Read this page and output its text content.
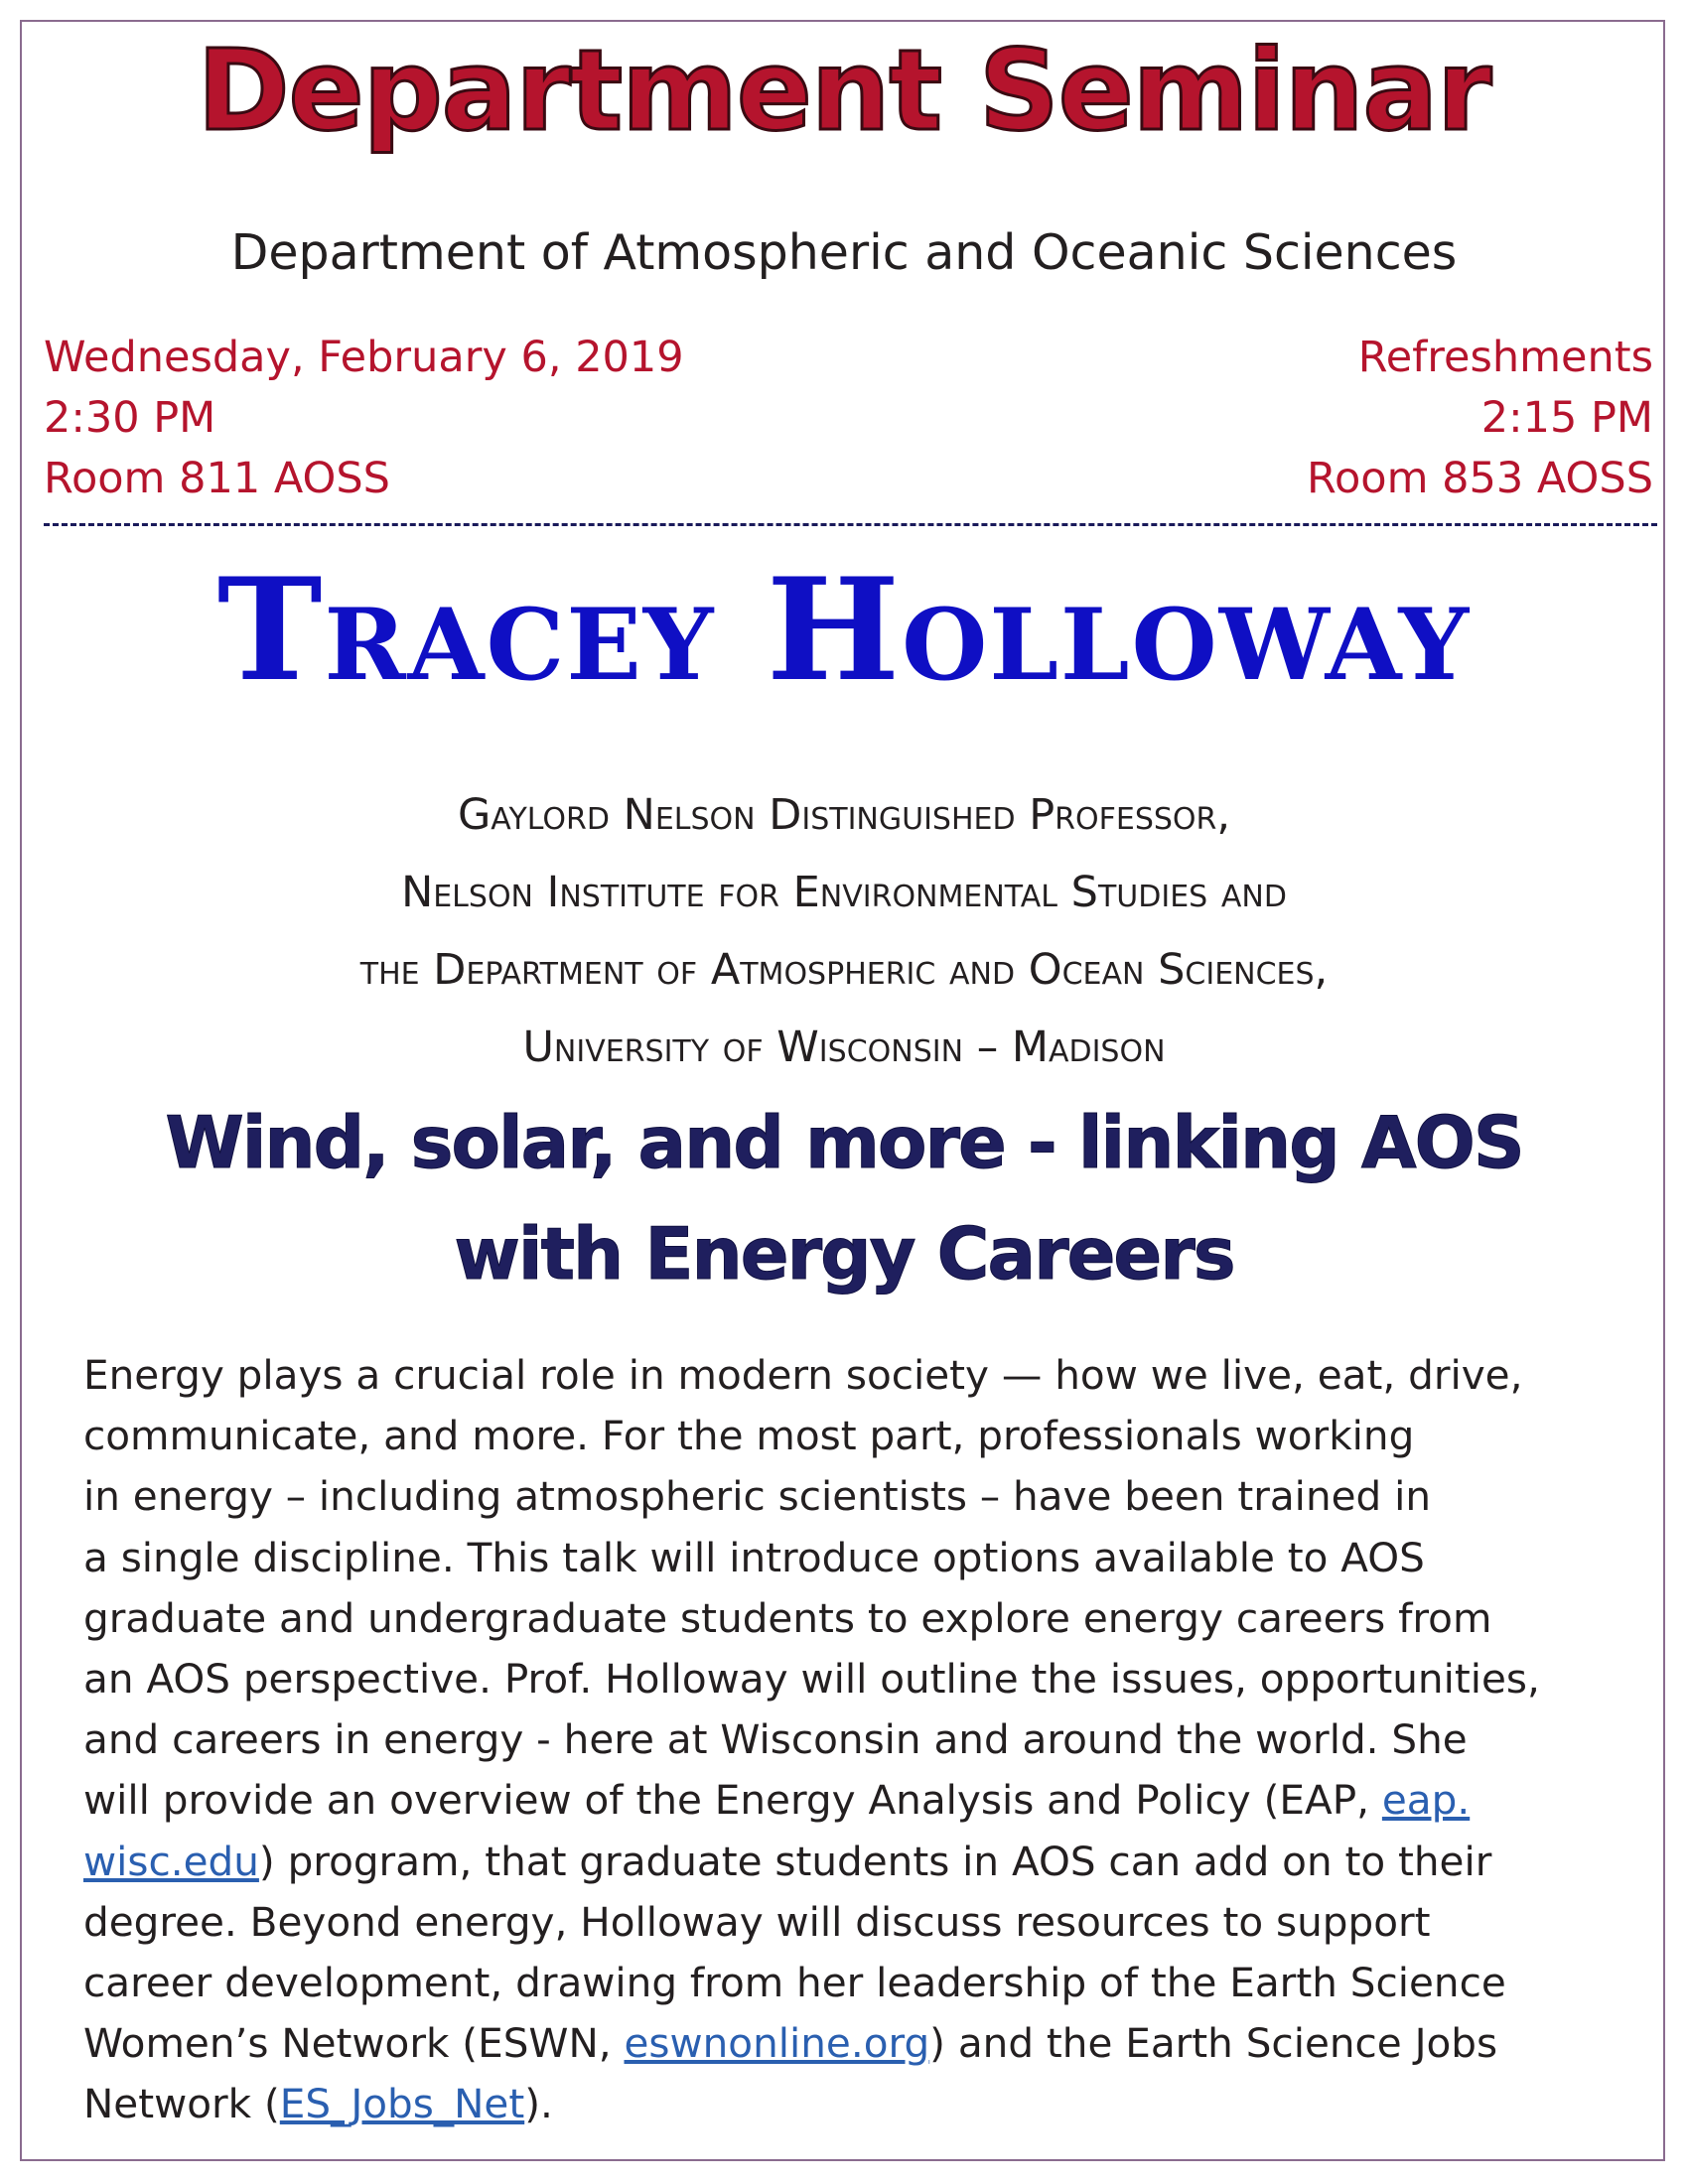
Department Seminar
Department of Atmospheric and Oceanic Sciences
Wednesday, February 6, 2019
2:30 PM
Room 811 AOSS
Refreshments
2:15 PM
Room 853 AOSS
Tracey Holloway
Gaylord Nelson Distinguished Professor,
Nelson Institute for Environmental Studies and
the Department of Atmospheric and Ocean Sciences,
University of Wisconsin – Madison
Wind, solar, and more - linking AOS
with Energy Careers
Energy plays a crucial role in modern society — how we live, eat, drive,
communicate, and more. For the most part, professionals working
in energy – including atmospheric scientists – have been trained in
a single discipline. This talk will introduce options available to AOS
graduate and undergraduate students to explore energy careers from
an AOS perspective. Prof. Holloway will outline the issues, opportunities,
and careers in energy - here at Wisconsin and around the world. She
will provide an overview of the Energy Analysis and Policy (EAP, eap.
wisc.edu) program, that graduate students in AOS can add on to their
degree. Beyond energy, Holloway will discuss resources to support
career development, drawing from her leadership of the Earth Science
Women’s Network (ESWN, eswnonline.org) and the Earth Science Jobs
Network (ES_Jobs_Net).
